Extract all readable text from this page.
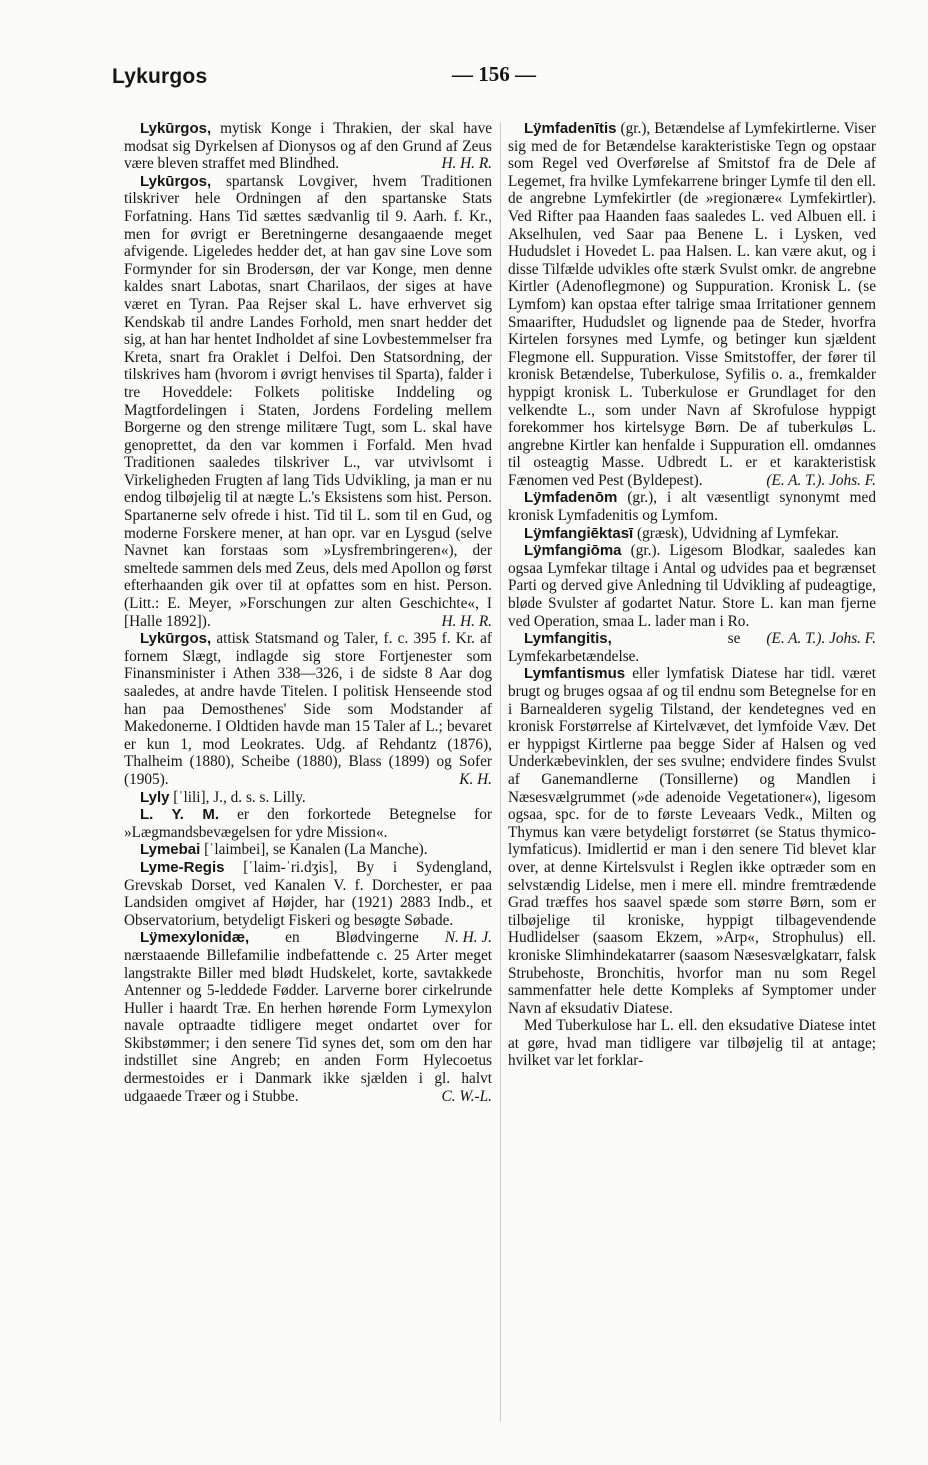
Lykurgos	— 156 —

Lykūrgos, mytisk Konge i Thrakien, der skal have modsat sig Dyrkelsen af Dionysos og af den Grund af Zeus være bleven straffet med Blindhed.	H. H. R.

Lykūrgos, spartansk Lovgiver, hvem Traditionen tilskriver hele Ordningen af den spartanske Stats Forfatning. Hans Tid sættes sædvanlig til 9. Aarh. f. Kr., men for øvrigt er Beretningerne desangaaende meget afvigende. Ligeledes hedder det, at han gav sine Love som Formynder for sin Brodersøn, der var Konge, men denne kaldes snart Labotas, snart Charilaos, der siges at have været en Tyran. Paa Rejser skal L. have erhvervet sig Kendskab til andre Landes Forhold, men snart hedder det sig, at han har hentet Indholdet af sine Lovbestemmelser fra Kreta, snart fra Oraklet i Delfoi. Den Statsordning, der tilskrives ham (hvorom i øvrigt henvises til Sparta), falder i tre Hoveddele: Folkets politiske Inddeling og Magtfordelingen i Staten, Jordens Fordeling mellem Borgerne og den strenge militære Tugt, som L. skal have genoprettet, da den var kommen i Forfald. Men hvad Traditionen saaledes tilskriver L., var utvivlsomt i Virkeligheden Frugten af lang Tids Udvikling, ja man er nu endog tilbøjelig til at nægte L.'s Eksistens som hist. Person. Spartanerne selv ofrede i hist. Tid til L. som til en Gud, og moderne Forskere mener, at han opr. var en Lysgud (selve Navnet kan forstaas som »Lysfrembringeren«), der smeltede sammen dels med Zeus, dels med Apollon og først efterhaanden gik over til at opfattes som en hist. Person. (Litt.: E. Meyer, »Forschungen zur alten Geschichte«, I [Halle 1892]).	H. H. R.

Lykūrgos, attisk Statsmand og Taler, f. c. 395 f. Kr. af fornem Slægt, indlagde sig store Fortjenester som Finansminister i Athen 338—326, i de sidste 8 Aar dog saaledes, at andre havde Titelen. I politisk Henseende stod han paa Demosthenes' Side som Modstander af Makedonerne. I Oldtiden havde man 15 Taler af L.; bevaret er kun 1, mod Leokrates. Udg. af Rehdantz (1876), Thalheim (1880), Scheibe (1880), Blass (1899) og Sofer (1905).	K. H.

Lyly [ˈlili], J., d. s. s. Lilly.

L. Y. M. er den forkortede Betegnelse for »Lægmandsbevægelsen for ydre Mission«.

Lymebai [ˈlaimbei], se Kanalen (La Manche).

Lyme-Regis [ˈlaim-ˈri.dʒis], By i Sydengland, Grevskab Dorset, ved Kanalen V. f. Dorchester, er paa Landsiden omgivet af Højder, har (1921) 2883 Indb., et Observatorium, betydeligt Fiskeri og besøgte Søbade.
N. H. J.

Lÿmexylonidæ, en Blødvingerne nærstaaende Billefamilie indbefattende c. 25 Arter meget langstrakte Biller med blødt Hudskelet, korte, savtakkede Antenner og 5-leddede Fødder. Larverne borer cirkelrunde Huller i haardt Træ. En herhen hørende Form Lymexylon navale optraadte tidligere meget ondartet over for Skibstømmer; i den senere Tid synes det, som om den har indstillet sine Angreb; en anden Form Hylecoetus dermestoides er i Danmark ikke sjælden i gl. halvt udgaaede Træer og i Stubbe.	C. W.-L.

Lÿmfadenītis (gr.), Betændelse af Lymfekirtlerne. Viser sig med de for Betændelse karakteristiske Tegn og opstaar som Regel ved Overførelse af Smitstof fra de Dele af Legemet, fra hvilke Lymfekarrene bringer Lymfe til den ell. de angrebne Lymfekirtler (de »regionære« Lymfekirtler). Ved Rifter paa Haanden faas saaledes L. ved Albuen ell. i Akselhulen, ved Saar paa Benene L. i Lysken, ved Hududslet i Hovedet L. paa Halsen. L. kan være akut, og i disse Tilfælde udvikles ofte stærk Svulst omkr. de angrebne Kirtler (Adenoflegmone) og Suppuration. Kronisk L. (se Lymfom) kan opstaa efter talrige smaa Irritationer gennem Smaarifter, Hududslet og lignende paa de Steder, hvorfra Kirtelen forsynes med Lymfe, og betinger kun sjældent Flegmone ell. Suppuration. Visse Smitstoffer, der fører til kronisk Betændelse, Tuberkulose, Syfilis o. a., fremkalder hyppigt kronisk L. Tuberkulose er Grundlaget for den velkendte L., som under Navn af Skrofulose hyppigt forekommer hos kirtelsyge Børn. De af tuberkuløs L. angrebne Kirtler kan henfalde i Suppuration ell. omdannes til osteagtig Masse. Udbredt L. er et karakteristisk Fænomen ved Pest (Byldepest).	(E. A. T.). Johs. F.

Lÿmfadenōm (gr.), i alt væsentligt synonymt med kronisk Lymfadenitis og Lymfom.

Lÿmfangiēktasī (græsk), Udvidning af Lymfekar.

Lÿmfangiōma (gr.). Ligesom Blodkar, saaledes kan ogsaa Lymfekar tiltage i Antal og udvides paa et begrænset Parti og derved give Anledning til Udvikling af pudeagtige, bløde Svulster af godartet Natur. Store L. kan man fjerne ved Operation, smaa L. lader man i Ro.
(E. A. T.). Johs. F.

Lymfangitis,	se Lymfekarbetændelse.

Lymfantismus eller lymfatisk Diatese har tidl. været brugt og bruges ogsaa af og til endnu som Betegnelse for en i Barnealderen sygelig Tilstand, der kendetegnes ved en kronisk Forstørrelse af Kirtelvævet, det lymfoide Væv. Det er hyppigst Kirtlerne paa begge Sider af Halsen og ved Underkæbevinklen, der ses svulne; endvidere findes Svulst af Ganemandlerne (Tonsillerne) og Mandlen i Næsesvælgrummet (»de adenoide Vegetationer«), ligesom ogsaa, spc. for de to første Leveaars Vedk., Milten og Thymus kan være betydeligt forstørret (se Status thymico-lymfaticus). Imidlertid er man i den senere Tid blevet klar over, at denne Kirtelsvulst i Reglen ikke optræder som en selvstændig Lidelse, men i mere ell. mindre fremtrædende Grad træffes hos saavel spæde som større Børn, som er tilbøjelige til kroniske, hyppigt tilbagevendende Hudlidelser (saasom Ekzem, »Arp«, Strophulus) ell. kroniske Slimhindekatarrer (saasom Næsesvælgkatarr, falsk Strubehoste, Bronchitis, hvorfor man nu som Regel sammenfatter hele dette Kompleks af Symptomer under Navn af eksudativ Diatese.

Med Tuberkulose har L. ell. den eksudative Diatese intet at gøre, hvad man tidligere var tilbøjelig til at antage; hvilket var let forklar-
